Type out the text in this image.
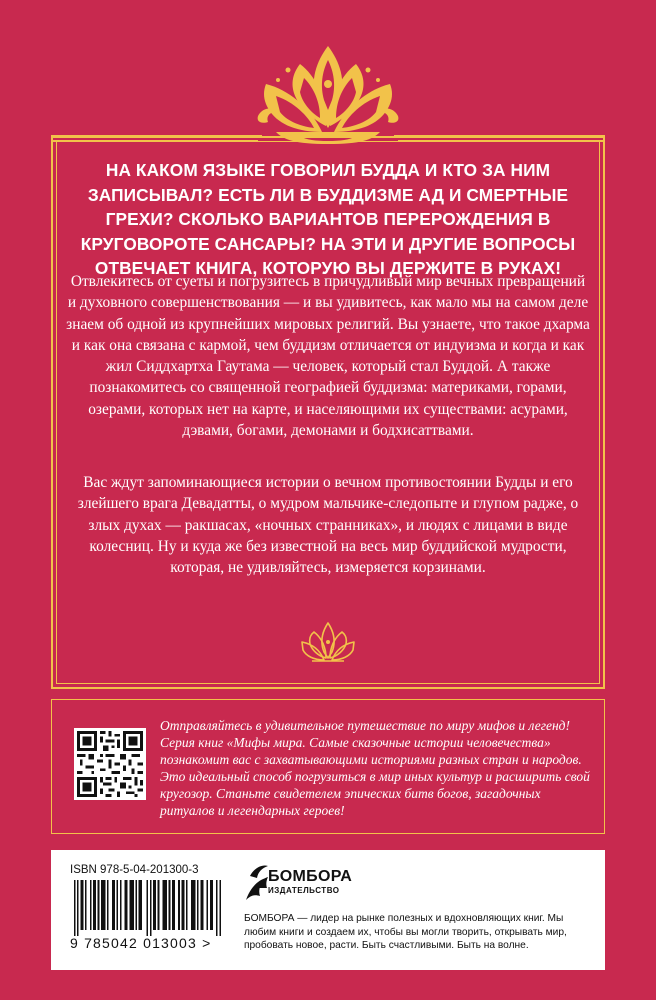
НА КАКОМ ЯЗЫКЕ ГОВОРИЛ БУДДА И КТО ЗА НИМ ЗАПИСЫВАЛ? ЕСТЬ ЛИ В БУДДИЗМЕ АД И СМЕРТНЫЕ ГРЕХИ? СКОЛЬКО ВАРИАНТОВ ПЕРЕРОЖДЕНИЯ В КРУГОВОРОТЕ САНСАРЫ? НА ЭТИ И ДРУГИЕ ВОПРОСЫ ОТВЕЧАЕТ КНИГА, КОТОРУЮ ВЫ ДЕРЖИТЕ В РУКАХ!
Отвлекитесь от суеты и погрузитесь в причудливый мир вечных превращений и духовного совершенствования — и вы удивитесь, как мало мы на самом деле знаем об одной из крупнейших мировых религий. Вы узнаете, что такое дхарма и как она связана с кармой, чем буддизм отличается от индуизма и когда и как жил Сиддхартха Гаутама — человек, который стал Буддой. А также познакомитесь со священной географией буддизма: материками, горами, озерами, которых нет на карте, и населяющими их существами: асурами, дэвами, богами, демонами и бодхисаттвами.
Вас ждут запоминающиеся истории о вечном противостоянии Будды и его злейшего врага Девадатты, о мудром мальчике-следопыте и глупом радже, о злых духах — ракшасах, «ночных странниках», и людях с лицами в виде колесниц. Ну и куда же без известной на весь мир буддийской мудрости, которая, не удивляйтесь, измеряется корзинами.
Отправляйтесь в удивительное путешествие по миру мифов и легенд! Серия книг «Мифы мира. Самые сказочные истории человечества» познакомит вас с захватывающими историями разных стран и народов. Это идеальный способ погрузиться в мир иных культур и расширить свой кругозор. Станьте свидетелем эпических битв богов, загадочных ритуалов и легендарных героев!
ISBN 978-5-04-201300-3
9 785042 013003 >
БОМБОРА
ИЗДАТЕЛЬСТВО
БОМБОРА — лидер на рынке полезных и вдохновляющих книг. Мы любим книги и создаем их, чтобы вы могли творить, открывать мир, пробовать новое, расти. Быть счастливыми. Быть на волне.
